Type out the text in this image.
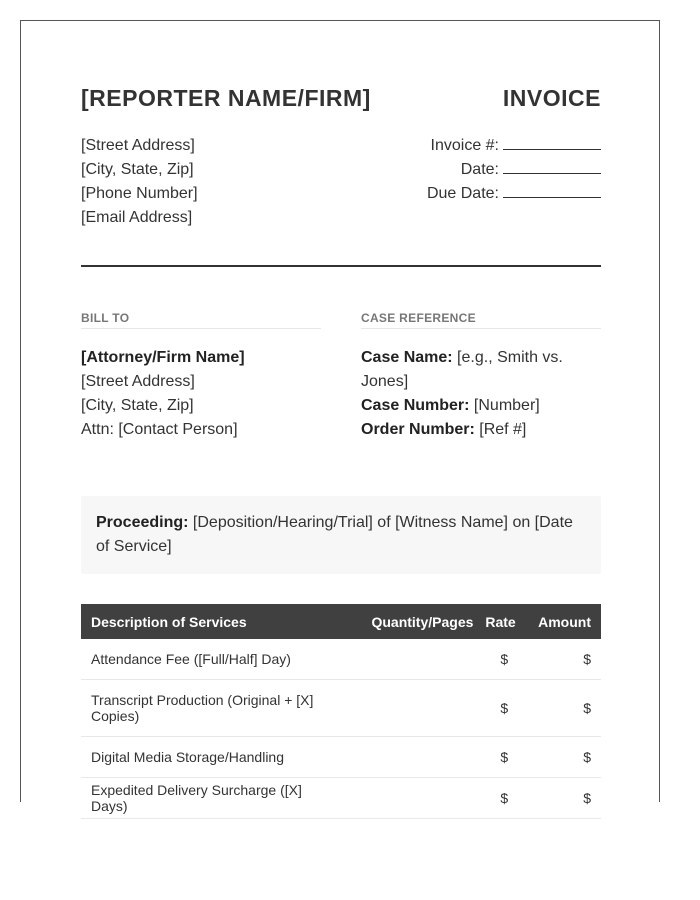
[REPORTER NAME/FIRM]	INVOICE
[Street Address]
[City, State, Zip]
[Phone Number]
[Email Address]
Invoice #:
Date:
Due Date:
BILL TO
[Attorney/Firm Name]
[Street Address]
[City, State, Zip]
Attn: [Contact Person]
CASE REFERENCE
Case Name: [e.g., Smith vs. Jones]
Case Number: [Number]
Order Number: [Ref #]
Proceeding: [Deposition/Hearing/Trial] of [Witness Name] on [Date of Service]
Description of Services	Quantity/Pages	Rate	Amount
Attendance Fee ([Full/Half] Day)		$	$
Transcript Production (Original + [X] Copies)		$	$
Digital Media Storage/Handling		$	$
Expedited Delivery Surcharge ([X] Days)		$	$
